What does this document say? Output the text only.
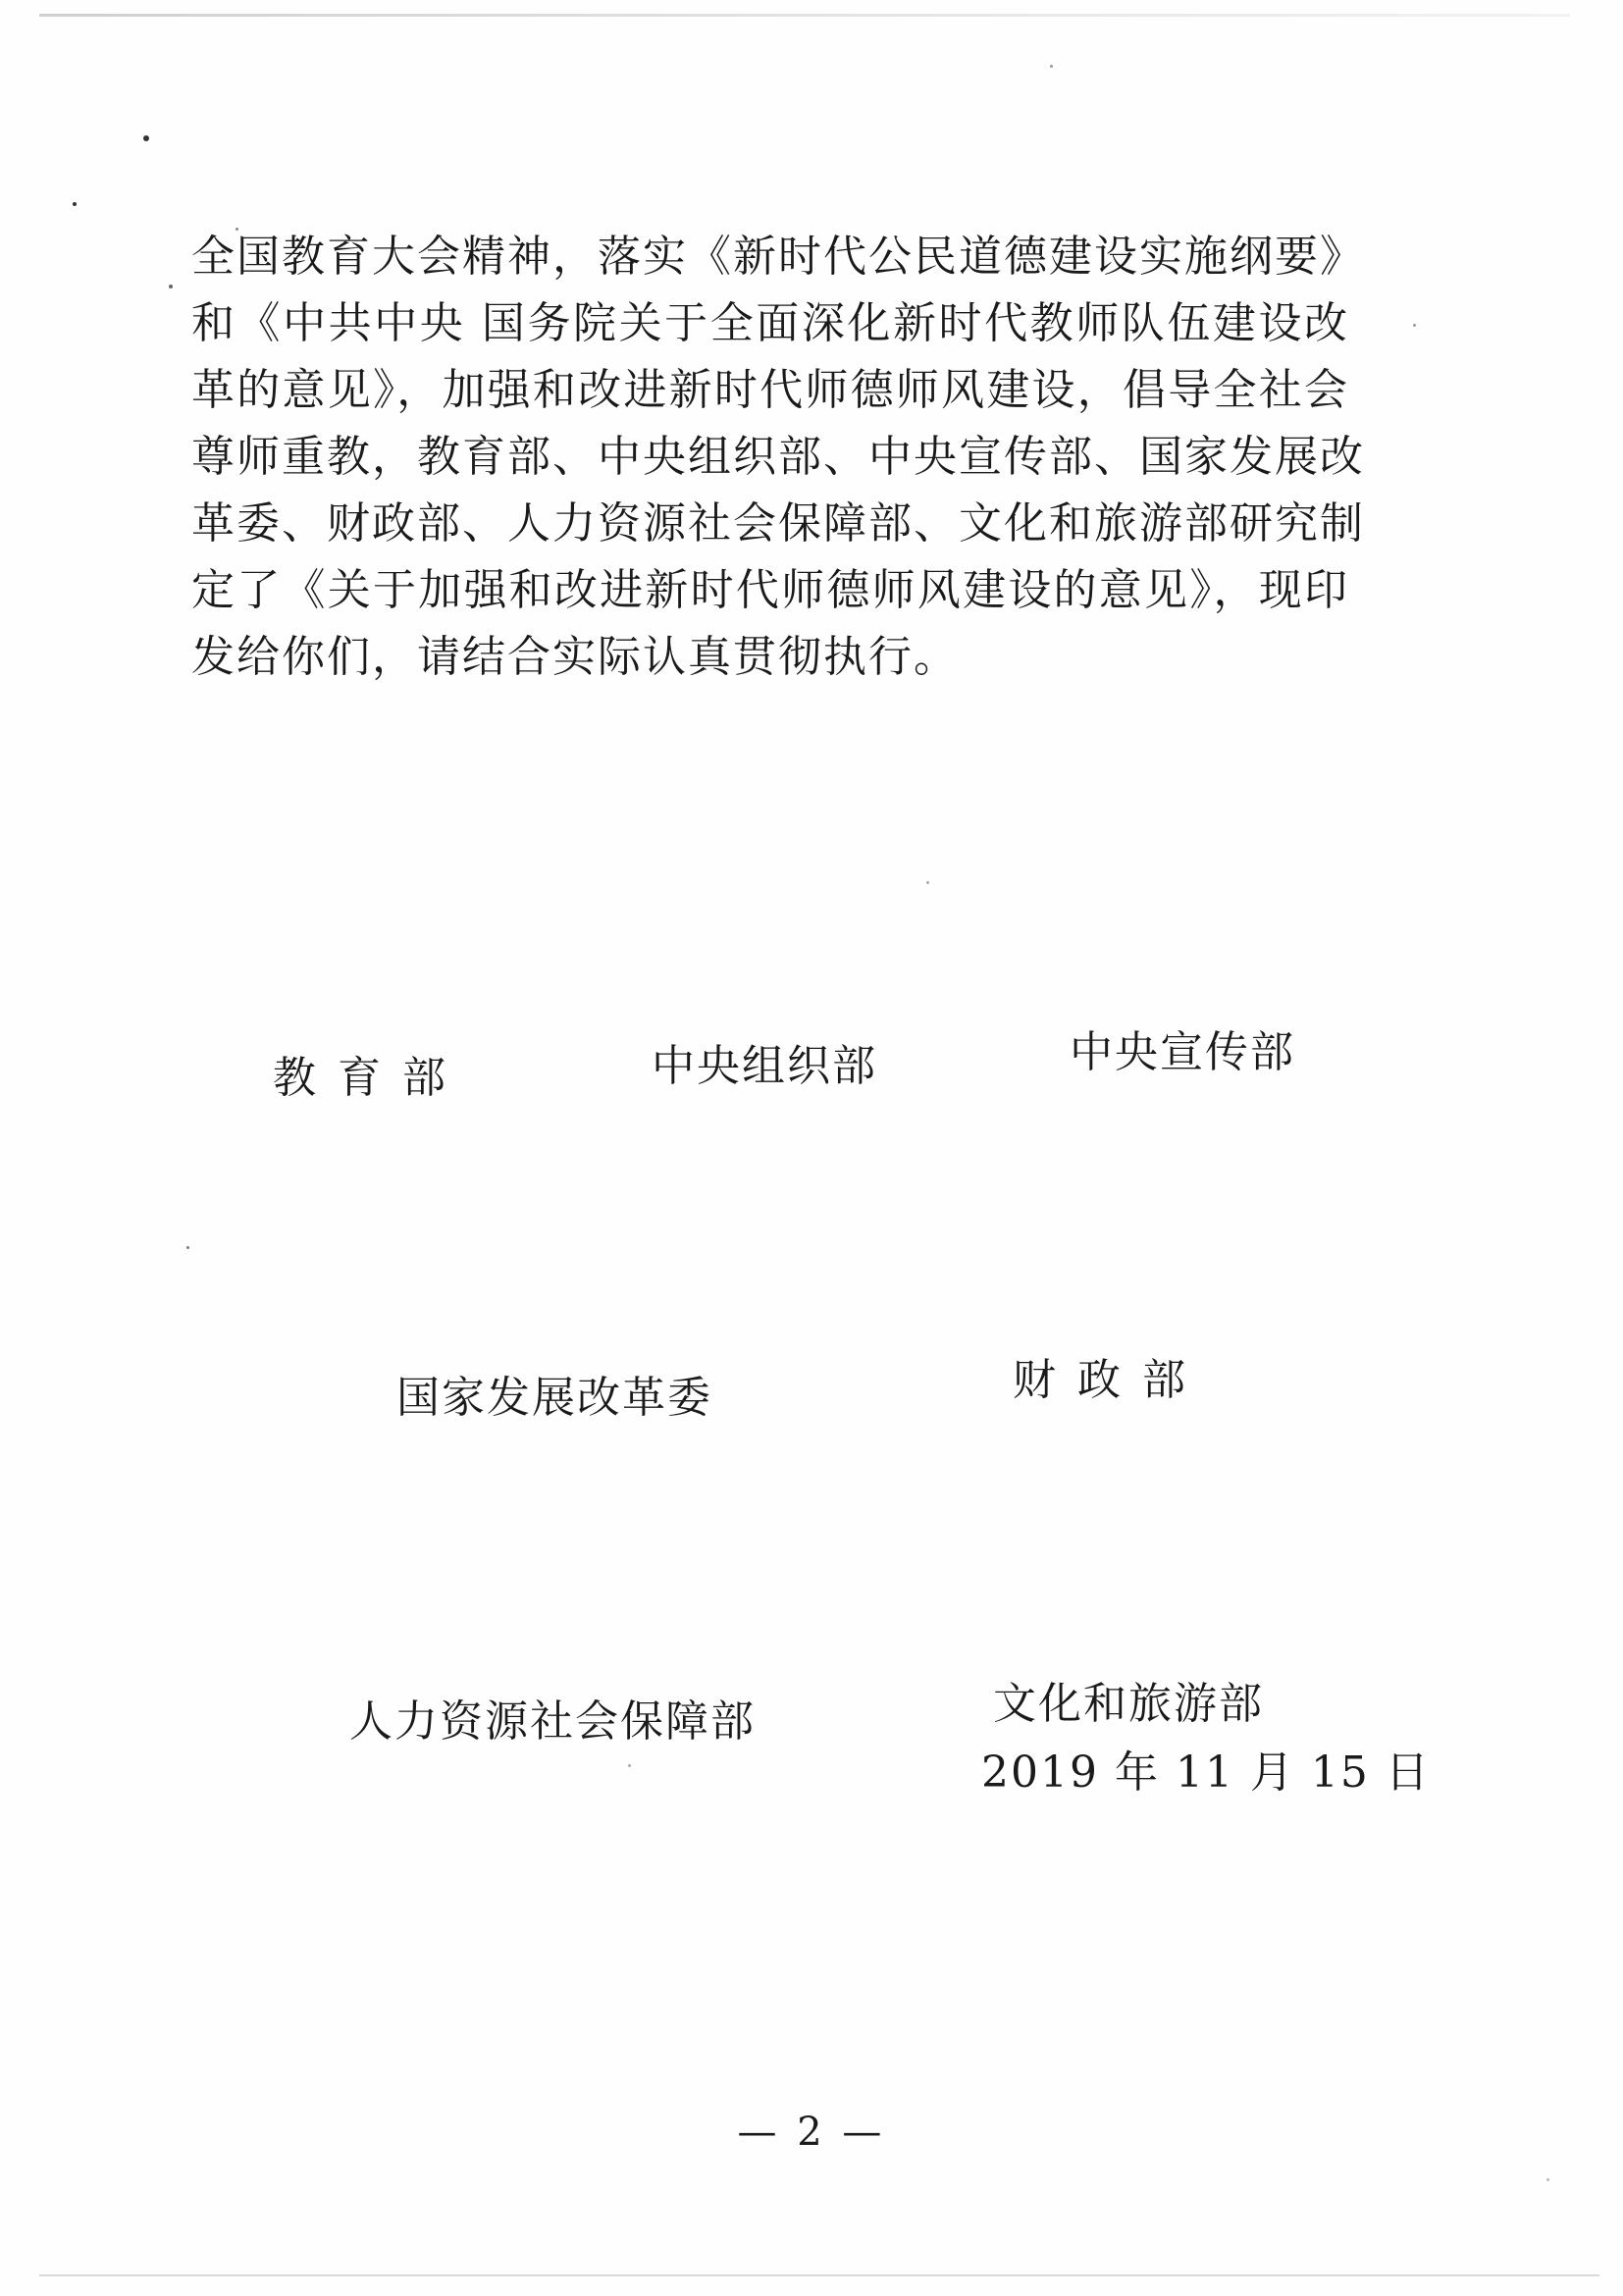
全国教育大会精神，落实《新时代公民道德建设实施纲要》
和《中共中央 国务院关于全面深化新时代教师队伍建设改
革的意见》，加强和改进新时代师德师风建设，倡导全社会
尊师重教，教育部、中央组织部、中央宣传部、国家发展改
革委、财政部、人力资源社会保障部、文化和旅游部研究制
定了《关于加强和改进新时代师德师风建设的意见》，现印
发给你们，请结合实际认真贯彻执行。
教育部	中央组织部	中央宣传部
国家发展改革委	财政部
人力资源社会保障部	文化和旅游部
2019 年 11 月 15 日
— 2 —
